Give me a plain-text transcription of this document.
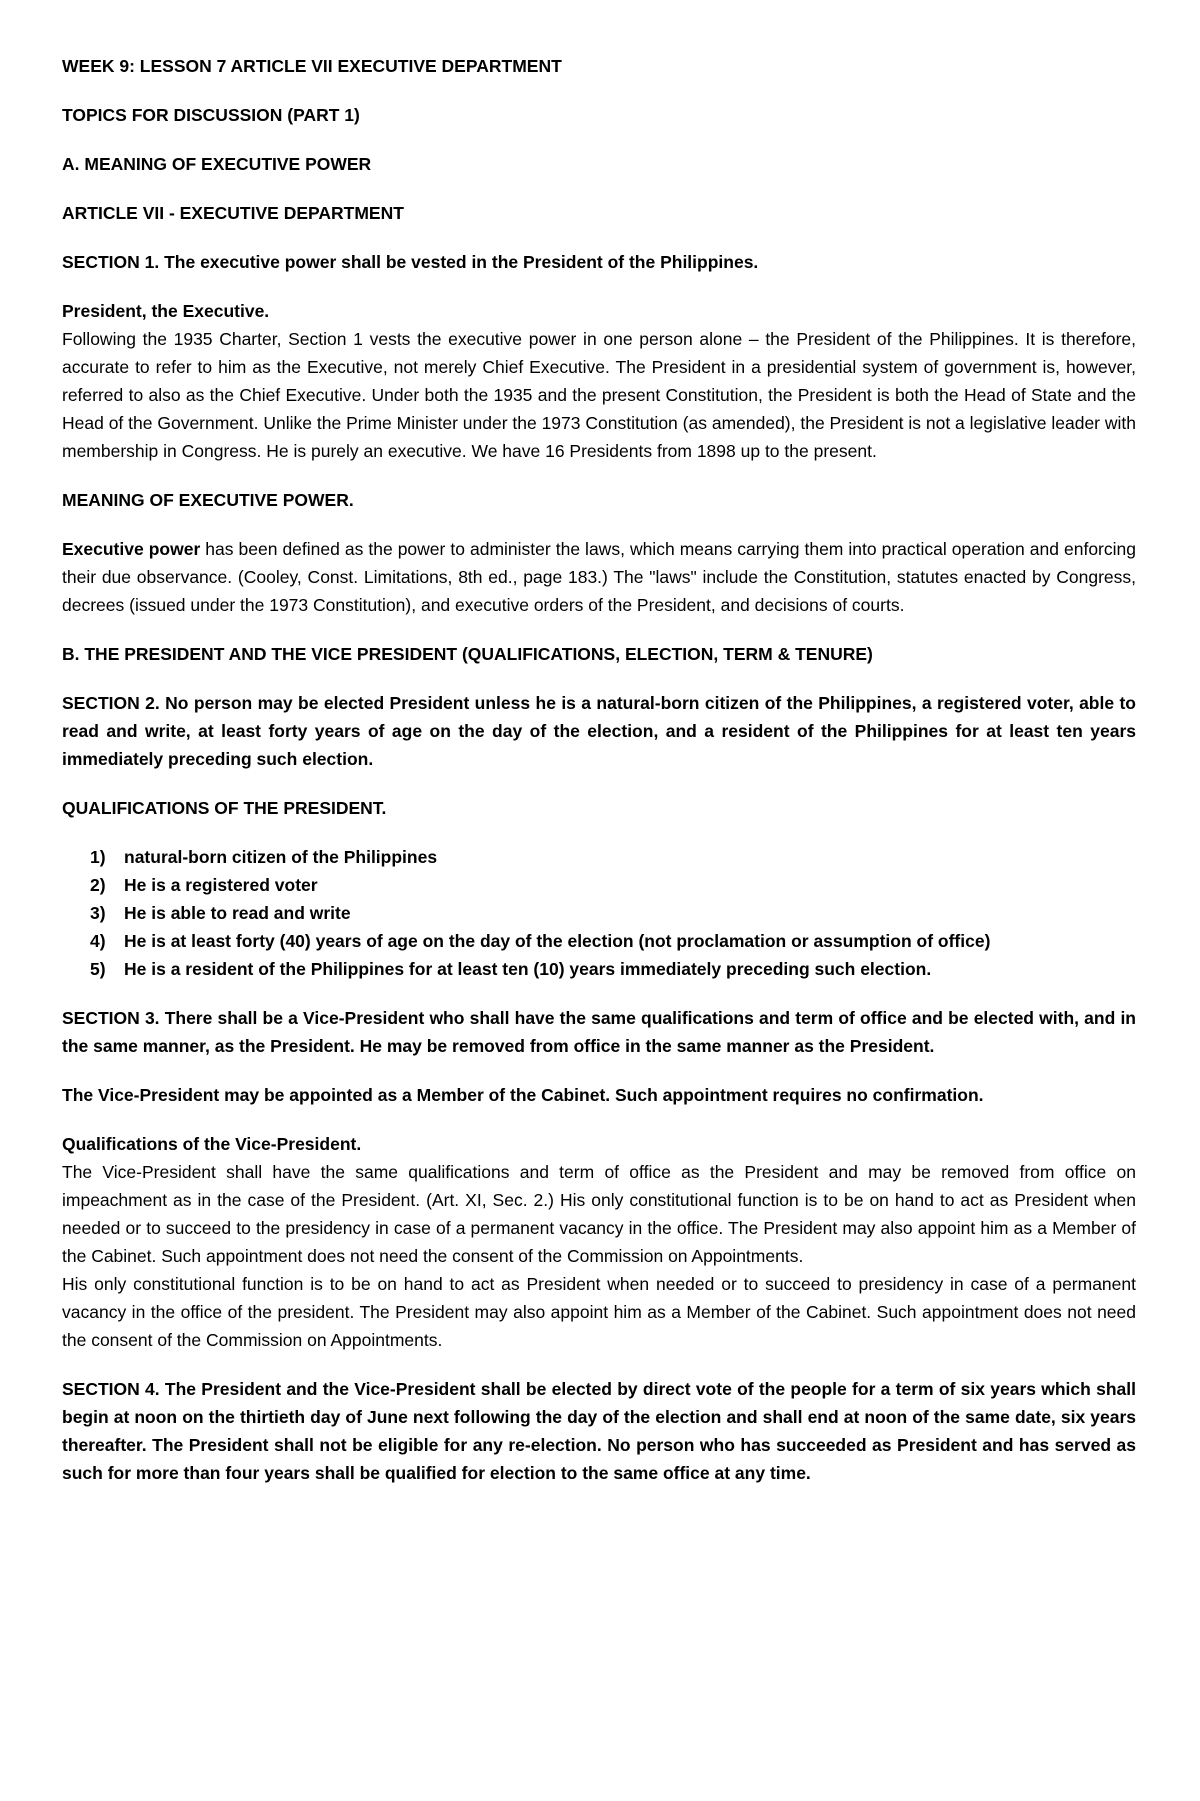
WEEK 9: LESSON 7 ARTICLE VII EXECUTIVE DEPARTMENT
TOPICS FOR DISCUSSION (PART 1)
A. MEANING OF EXECUTIVE POWER
ARTICLE VII - EXECUTIVE DEPARTMENT
SECTION 1. The executive power shall be vested in the President of the Philippines.
President, the Executive.
Following the 1935 Charter, Section 1 vests the executive power in one person alone – the President of the Philippines. It is therefore, accurate to refer to him as the Executive, not merely Chief Executive. The President in a presidential system of government is, however, referred to also as the Chief Executive. Under both the 1935 and the present Constitution, the President is both the Head of State and the Head of the Government. Unlike the Prime Minister under the 1973 Constitution (as amended), the President is not a legislative leader with membership in Congress. He is purely an executive. We have 16 Presidents from 1898 up to the present.
MEANING OF EXECUTIVE POWER.
Executive power has been defined as the power to administer the laws, which means carrying them into practical operation and enforcing their due observance. (Cooley, Const. Limitations, 8th ed., page 183.) The "laws" include the Constitution, statutes enacted by Congress, decrees (issued under the 1973 Constitution), and executive orders of the President, and decisions of courts.
B. THE PRESIDENT AND THE VICE PRESIDENT (QUALIFICATIONS, ELECTION, TERM & TENURE)
SECTION 2. No person may be elected President unless he is a natural-born citizen of the Philippines, a registered voter, able to read and write, at least forty years of age on the day of the election, and a resident of the Philippines for at least ten years immediately preceding such election.
QUALIFICATIONS OF THE PRESIDENT.
1)	natural-born citizen of the Philippines
2)	He is a registered voter
3)	He is able to read and write
4)	He is at least forty (40) years of age on the day of the election (not proclamation or assumption of office)
5)	He is a resident of the Philippines for at least ten (10) years immediately preceding such election.
SECTION 3. There shall be a Vice-President who shall have the same qualifications and term of office and be elected with, and in the same manner, as the President. He may be removed from office in the same manner as the President.
The Vice-President may be appointed as a Member of the Cabinet. Such appointment requires no confirmation.
Qualifications of the Vice-President.
The Vice-President shall have the same qualifications and term of office as the President and may be removed from office on impeachment as in the case of the President. (Art. XI, Sec. 2.) His only constitutional function is to be on hand to act as President when needed or to succeed to the presidency in case of a permanent vacancy in the office. The President may also appoint him as a Member of the Cabinet. Such appointment does not need the consent of the Commission on Appointments.
His only constitutional function is to be on hand to act as President when needed or to succeed to presidency in case of a permanent vacancy in the office of the president. The President may also appoint him as a Member of the Cabinet. Such appointment does not need the consent of the Commission on Appointments.
SECTION 4. The President and the Vice-President shall be elected by direct vote of the people for a term of six years which shall begin at noon on the thirtieth day of June next following the day of the election and shall end at noon of the same date, six years thereafter. The President shall not be eligible for any re-election. No person who has succeeded as President and has served as such for more than four years shall be qualified for election to the same office at any time.
